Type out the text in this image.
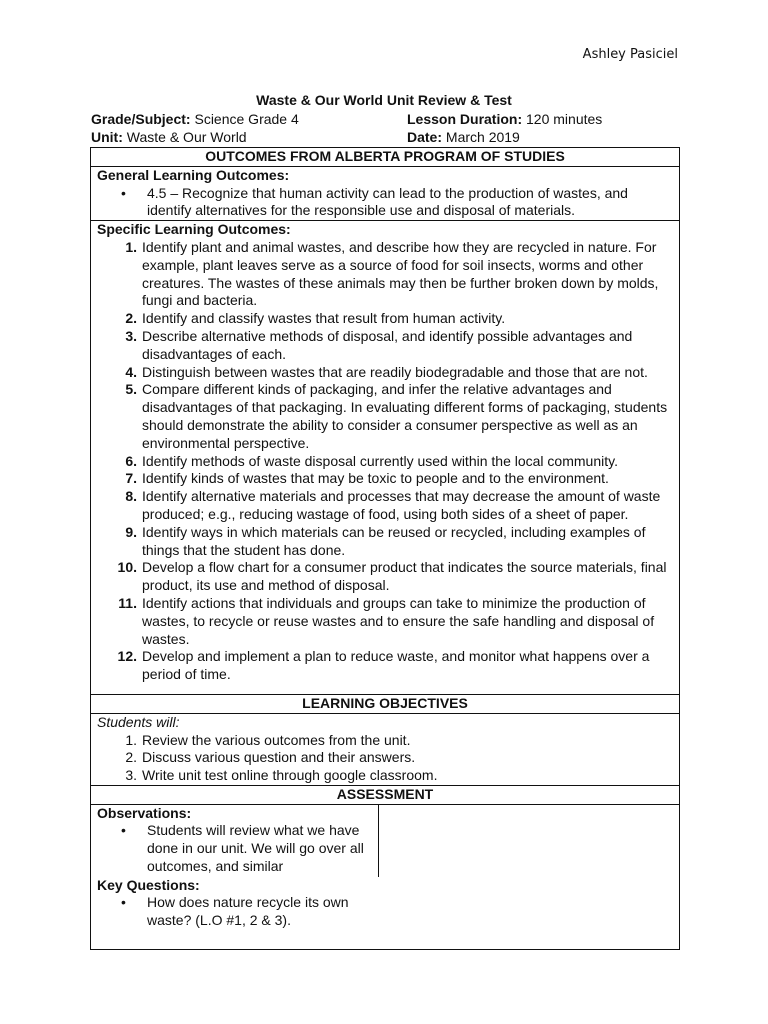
Ashley Pasiciel
Waste & Our World Unit Review & Test
Grade/Subject: Science Grade 4	Lesson Duration: 120 minutes
Unit: Waste & Our World	Date: March 2019
OUTCOMES FROM ALBERTA PROGRAM OF STUDIES

General Learning Outcomes:
• 4.5 – Recognize that human activity can lead to the production of wastes, and identify alternatives for the responsible use and disposal of materials.

Specific Learning Outcomes:
1. Identify plant and animal wastes, and describe how they are recycled in nature. For example, plant leaves serve as a source of food for soil insects, worms and other creatures. The wastes of these animals may then be further broken down by molds, fungi and bacteria.
2. Identify and classify wastes that result from human activity.
3. Describe alternative methods of disposal, and identify possible advantages and disadvantages of each.
4. Distinguish between wastes that are readily biodegradable and those that are not.
5. Compare different kinds of packaging, and infer the relative advantages and disadvantages of that packaging. In evaluating different forms of packaging, students should demonstrate the ability to consider a consumer perspective as well as an environmental perspective.
6. Identify methods of waste disposal currently used within the local community.
7. Identify kinds of wastes that may be toxic to people and to the environment.
8. Identify alternative materials and processes that may decrease the amount of waste produced; e.g., reducing wastage of food, using both sides of a sheet of paper.
9. Identify ways in which materials can be reused or recycled, including examples of things that the student has done.
10. Develop a flow chart for a consumer product that indicates the source materials, final product, its use and method of disposal.
11. Identify actions that individuals and groups can take to minimize the production of wastes, to recycle or reuse wastes and to ensure the safe handling and disposal of wastes.
12. Develop and implement a plan to reduce waste, and monitor what happens over a period of time.

LEARNING OBJECTIVES

Students will:
1. Review the various outcomes from the unit.
2. Discuss various question and their answers.
3. Write unit test online through google classroom.

ASSESSMENT

Observations:
• Students will review what we have done in our unit. We will go over all outcomes, and similar
Key Questions:
• How does nature recycle its own waste? (L.O #1, 2 & 3).
